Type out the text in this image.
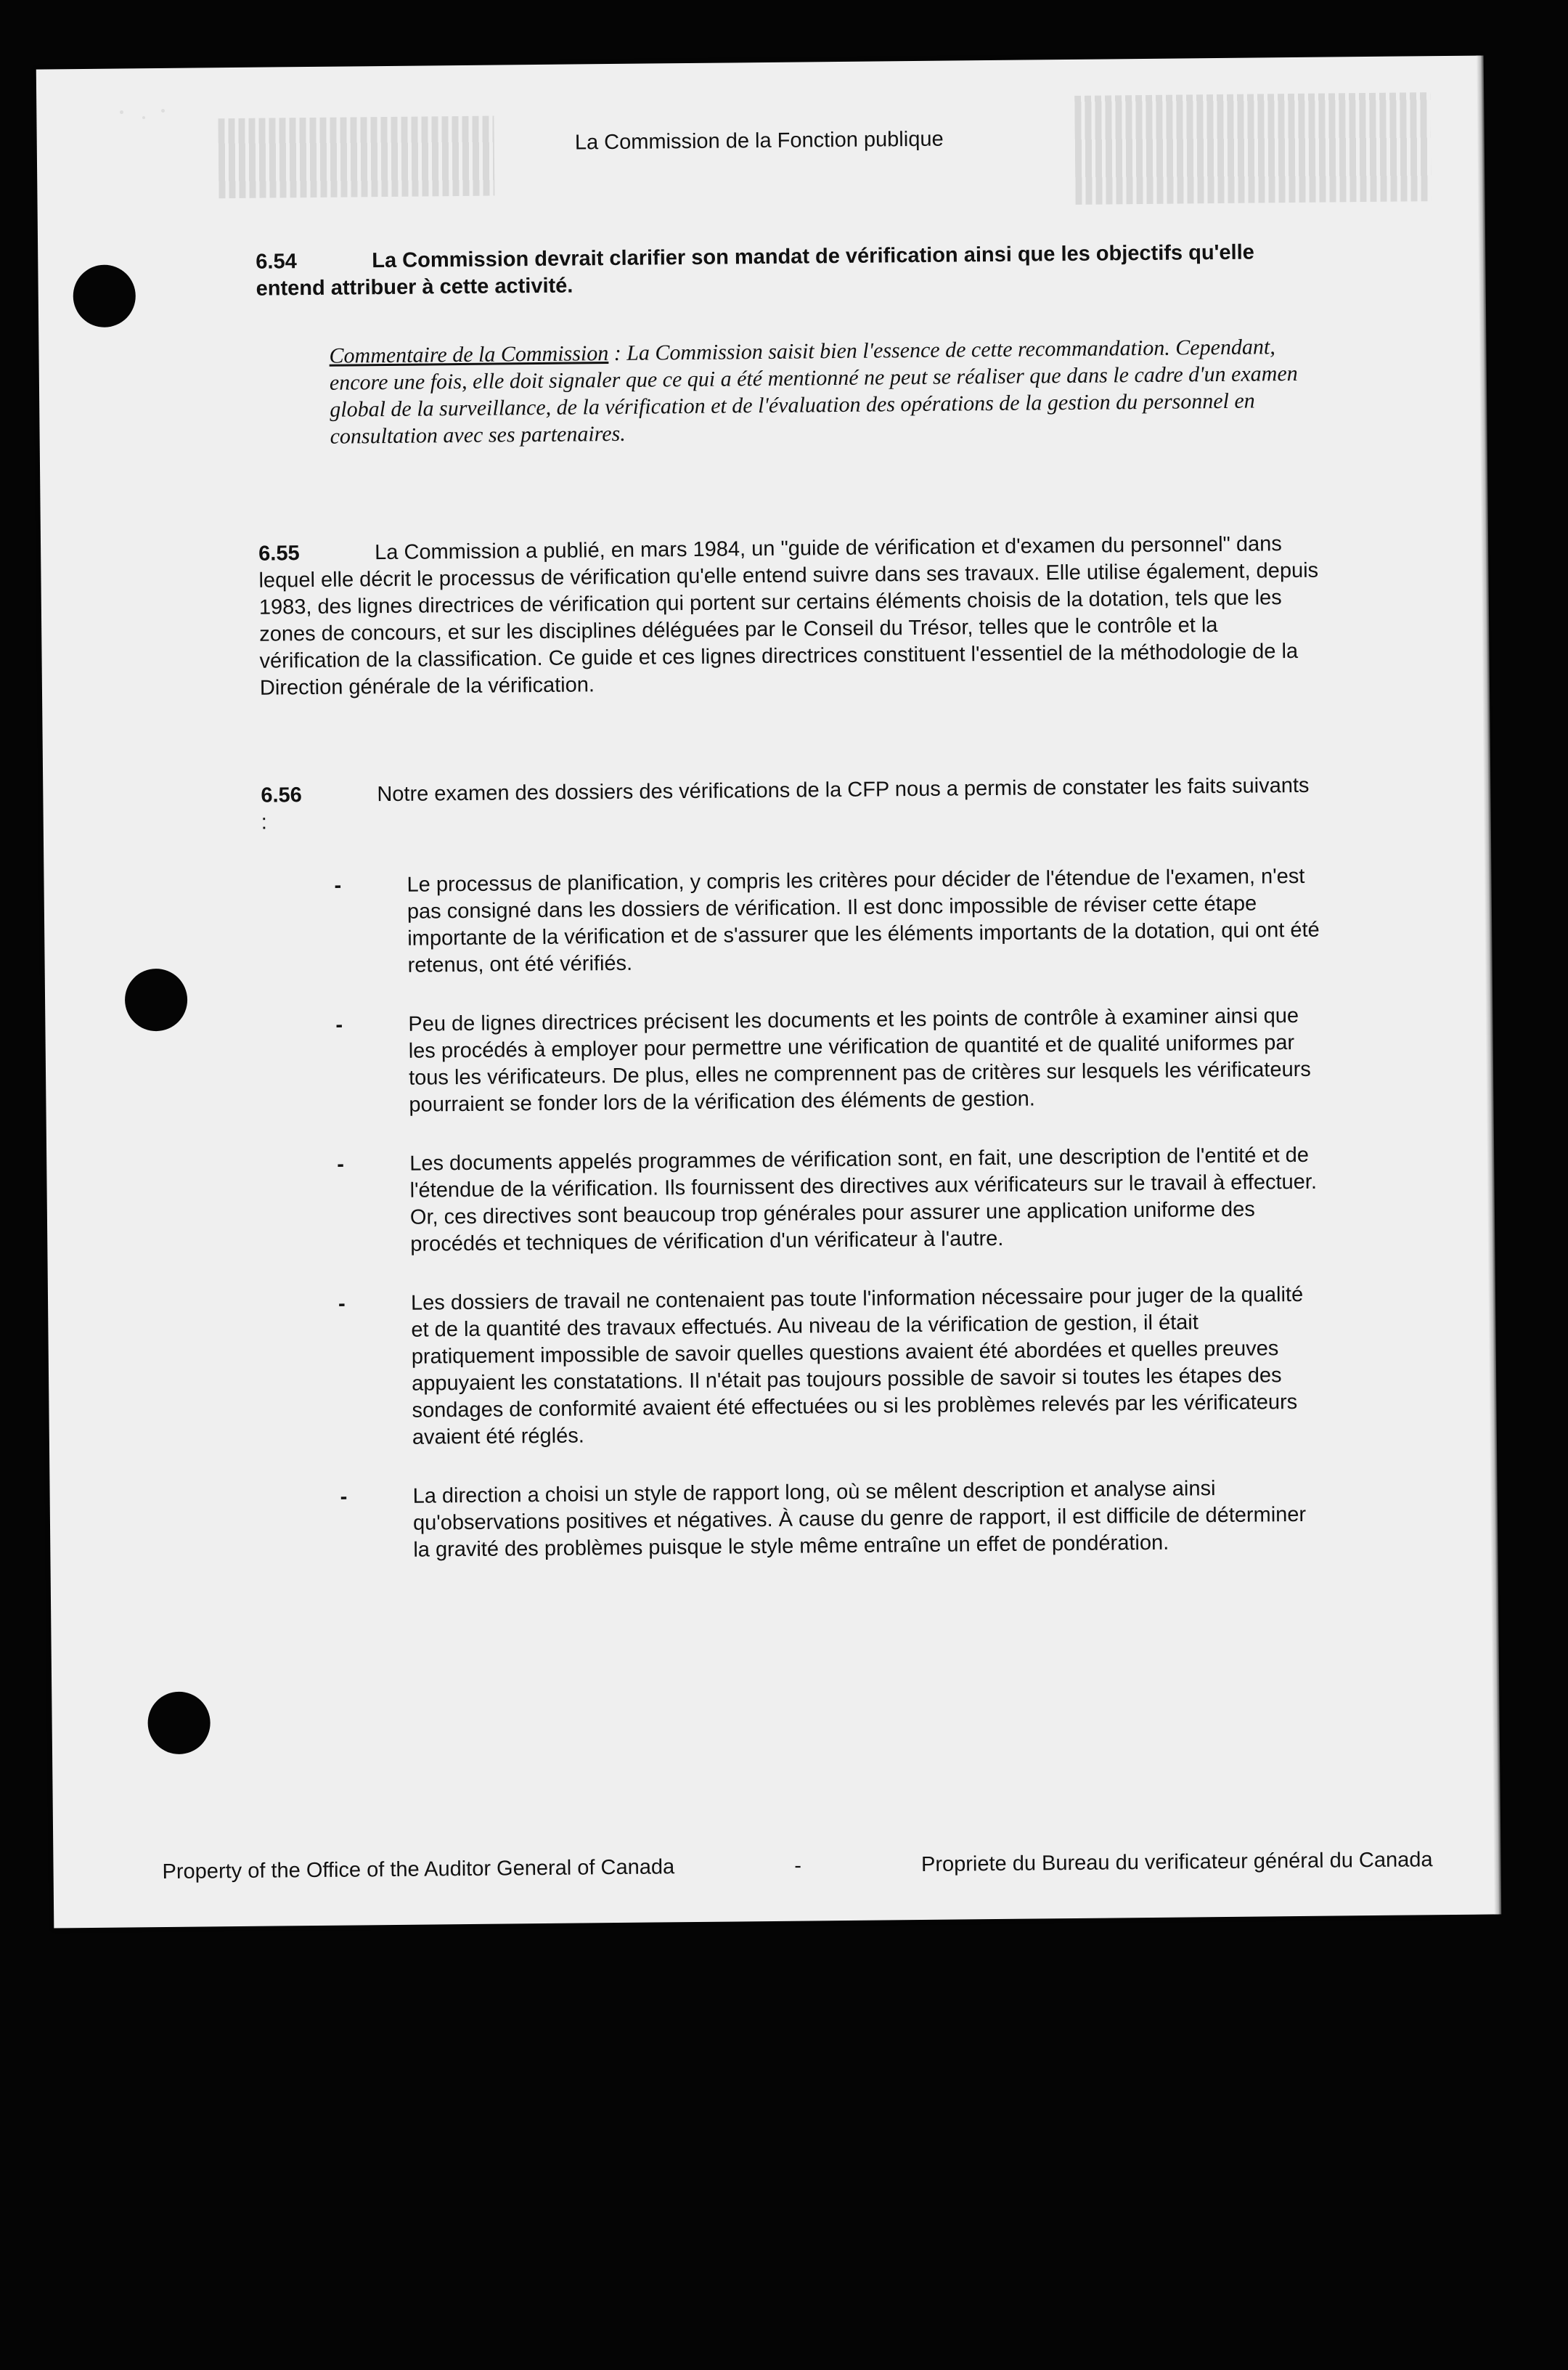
La Commission de la Fonction publique
6.54	La Commission devrait clarifier son mandat de vérification ainsi que les objectifs qu'elle entend attribuer à cette activité.
Commentaire de la Commission : La Commission saisit bien l'essence de cette recommandation. Cependant, encore une fois, elle doit signaler que ce qui a été mentionné ne peut se réaliser que dans le cadre d'un examen global de la surveillance, de la vérification et de l'évaluation des opérations de la gestion du personnel en consultation avec ses partenaires.
6.55	La Commission a publié, en mars 1984, un "guide de vérification et d'examen du personnel" dans lequel elle décrit le processus de vérification qu'elle entend suivre dans ses travaux. Elle utilise également, depuis 1983, des lignes directrices de vérification qui portent sur certains éléments choisis de la dotation, tels que les zones de concours, et sur les disciplines déléguées par le Conseil du Trésor, telles que le contrôle et la vérification de la classification. Ce guide et ces lignes directrices constituent l'essentiel de la méthodologie de la Direction générale de la vérification.
6.56	Notre examen des dossiers des vérifications de la CFP nous a permis de constater les faits suivants :
-	Le processus de planification, y compris les critères pour décider de l'étendue de l'examen, n'est pas consigné dans les dossiers de vérification. Il est donc impossible de réviser cette étape importante de la vérification et de s'assurer que les éléments importants de la dotation, qui ont été retenus, ont été vérifiés.
-	Peu de lignes directrices précisent les documents et les points de contrôle à examiner ainsi que les procédés à employer pour permettre une vérification de quantité et de qualité uniformes par tous les vérificateurs. De plus, elles ne comprennent pas de critères sur lesquels les vérificateurs pourraient se fonder lors de la vérification des éléments de gestion.
-	Les documents appelés programmes de vérification sont, en fait, une description de l'entité et de l'étendue de la vérification. Ils fournissent des directives aux vérificateurs sur le travail à effectuer. Or, ces directives sont beaucoup trop générales pour assurer une application uniforme des procédés et techniques de vérification d'un vérificateur à l'autre.
-	Les dossiers de travail ne contenaient pas toute l'information nécessaire pour juger de la qualité et de la quantité des travaux effectués. Au niveau de la vérification de gestion, il était pratiquement impossible de savoir quelles questions avaient été abordées et quelles preuves appuyaient les constatations. Il n'était pas toujours possible de savoir si toutes les étapes des sondages de conformité avaient été effectuées ou si les problèmes relevés par les vérificateurs avaient été réglés.
-	La direction a choisi un style de rapport long, où se mêlent description et analyse ainsi qu'observations positives et négatives. À cause du genre de rapport, il est difficile de déterminer la gravité des problèmes puisque le style même entraîne un effet de pondération.
Property of the Office of the Auditor General of Canada	-	Propriete du Bureau du verificateur général du Canada
